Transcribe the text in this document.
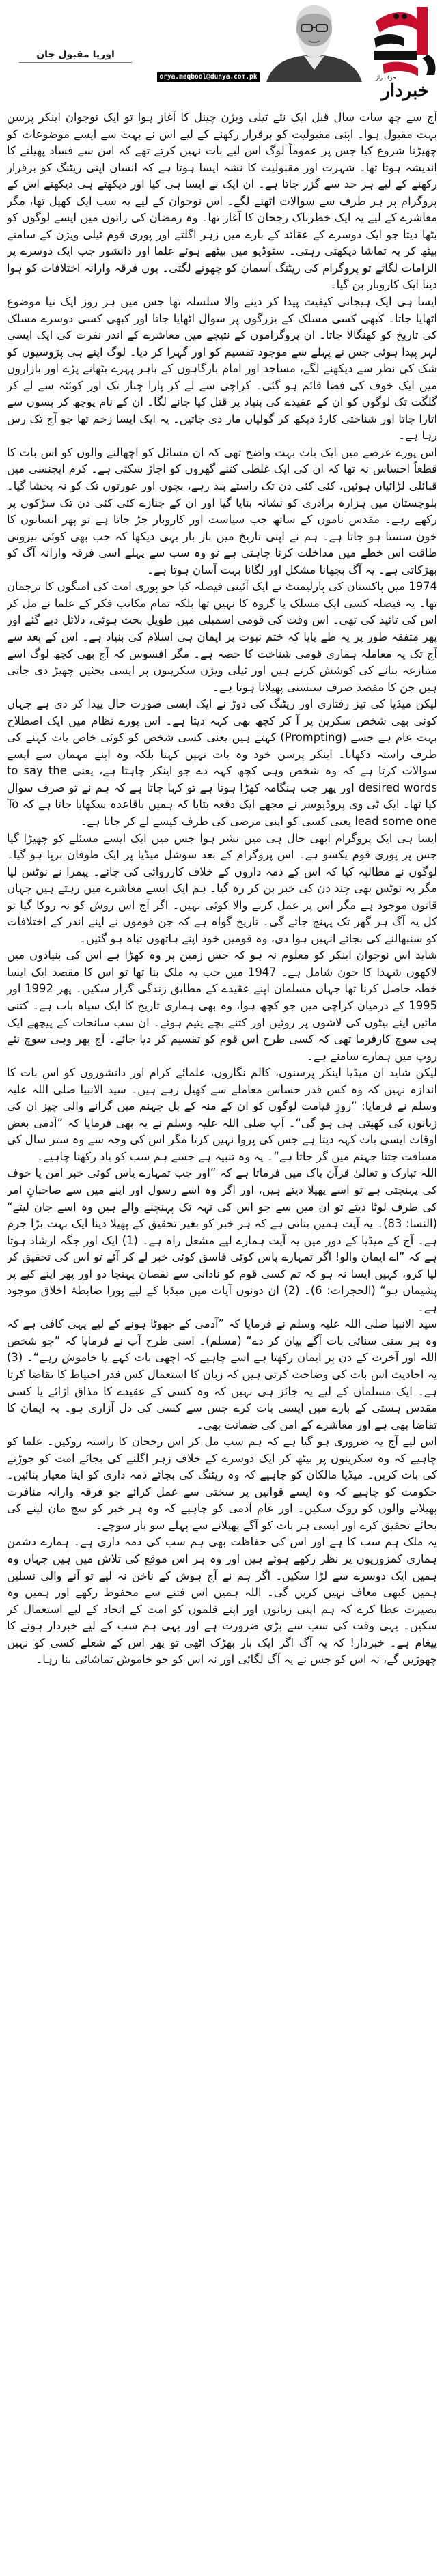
اوریا مقبول جان
orya.maqbool@dunya.com.pk	حرف راز
خبردار

آج سے چھ سات سال قبل ایک نئے ٹیلی ویژن چینل کا آغاز ہوا تو ایک نوجوان اینکر پرسن بہت مقبول ہوا۔ اپنی مقبولیت کو برقرار رکھنے کے لیے اس نے بہت سے ایسے موضوعات کو چھیڑنا شروع کیا جس پر عموماً لوگ اس لیے بات نہیں کرتے تھے کہ اس سے فساد پھیلنے کا اندیشہ ہوتا تھا۔ شہرت اور مقبولیت کا نشہ ایسا ہوتا ہے کہ انسان اپنی ریٹنگ کو برقرار رکھنے کے لیے ہر حد سے گزر جاتا ہے۔ ان ایک نے ایسا ہی کیا اور دیکھتے ہی دیکھتے اس کے پروگرام پر ہر طرف سے سوالات اٹھنے لگے۔ اس نوجوان کے لیے یہ سب ایک کھیل تھا، مگر معاشرے کے لیے یہ ایک خطرناک رجحان کا آغاز تھا۔ وہ رمضان کی راتوں میں ایسے لوگوں کو بٹھا دیتا جو ایک دوسرے کے عقائد کے بارے میں زہر اگلتے اور پوری قوم ٹیلی ویژن کے سامنے بیٹھ کر یہ تماشا دیکھتی رہتی۔ سٹوڈیو میں بیٹھے ہوئے علما اور دانشور جب ایک دوسرے پر الزامات لگاتے تو پروگرام کی ریٹنگ آسمان کو چھونے لگتی۔ یوں فرقہ وارانہ اختلافات کو ہوا دینا ایک کاروبار بن گیا۔

ایسا ہی ایک ہیجانی کیفیت پیدا کر دینے والا سلسلہ تھا جس میں ہر روز ایک نیا موضوع اٹھایا جاتا۔ کبھی کسی مسلک کے بزرگوں پر سوال اٹھایا جاتا اور کبھی کسی دوسرے مسلک کی تاریخ کو کھنگالا جاتا۔ ان پروگراموں کے نتیجے میں معاشرے کے اندر نفرت کی ایک ایسی لہر پیدا ہوئی جس نے پہلے سے موجود تقسیم کو اور گہرا کر دیا۔ لوگ اپنے ہی پڑوسیوں کو شک کی نظر سے دیکھنے لگے، مساجد اور امام بارگاہوں کے باہر پہرے بٹھانے پڑے اور بازاروں میں ایک خوف کی فضا قائم ہو گئی۔ کراچی سے لے کر پارا چنار تک اور کوئٹہ سے لے کر گلگت تک لوگوں کو ان کے عقیدے کی بنیاد پر قتل کیا جانے لگا۔ ان کے نام پوچھ کر بسوں سے اتارا جاتا اور شناختی کارڈ دیکھ کر گولیاں مار دی جاتیں۔ یہ ایک ایسا زخم تھا جو آج تک رس رہا ہے۔

اس پورے عرصے میں ایک بات بہت واضح تھی کہ ان مسائل کو اچھالنے والوں کو اس بات کا قطعاً احساس نہ تھا کہ ان کی ایک غلطی کتنے گھروں کو اجاڑ سکتی ہے۔ کرم ایجنسی میں قبائلی لڑائیاں ہوئیں، کئی کئی دن تک راستے بند رہے، بچوں اور عورتوں تک کو نہ بخشا گیا۔ بلوچستان میں ہزارہ برادری کو نشانہ بنایا گیا اور ان کے جنازے کئی کئی دن تک سڑکوں پر رکھے رہے۔ مقدس ناموں کے ساتھ جب سیاست اور کاروبار جڑ جاتا ہے تو پھر انسانوں کا خون سستا ہو جاتا ہے۔ ہم نے اپنی تاریخ میں بار بار یہی دیکھا کہ جب بھی کوئی بیرونی طاقت اس خطے میں مداخلت کرنا چاہتی ہے تو وہ سب سے پہلے اسی فرقہ وارانہ آگ کو بھڑکاتی ہے۔ یہ آگ بجھانا مشکل اور لگانا بہت آسان ہوتا ہے۔

1974 میں پاکستان کی پارلیمنٹ نے ایک آئینی فیصلہ کیا جو پوری امت کی امنگوں کا ترجمان تھا۔ یہ فیصلہ کسی ایک مسلک یا گروہ کا نہیں تھا بلکہ تمام مکاتب فکر کے علما نے مل کر اس کی تائید کی تھی۔ اس وقت کی قومی اسمبلی میں طویل بحث ہوئی، دلائل دیے گئے اور پھر متفقہ طور پر یہ طے پایا کہ ختم نبوت پر ایمان ہی اسلام کی بنیاد ہے۔ اس کے بعد سے آج تک یہ معاملہ ہماری قومی شناخت کا حصہ ہے۔ مگر افسوس کہ آج بھی کچھ لوگ اسے متنازعہ بنانے کی کوشش کرتے ہیں اور ٹیلی ویژن سکرینوں پر ایسی بحثیں چھیڑ دی جاتی ہیں جن کا مقصد صرف سنسنی پھیلانا ہوتا ہے۔

لیکن میڈیا کی تیز رفتاری اور ریٹنگ کی دوڑ نے ایک ایسی صورت حال پیدا کر دی ہے جہاں کوئی بھی شخص سکرین پر آ کر کچھ بھی کہہ دیتا ہے۔ اس پورے نظام میں ایک اصطلاح بہت عام ہے جسے (Prompting) کہتے ہیں یعنی کسی شخص کو کوئی خاص بات کہنے کی طرف راستہ دکھانا۔ اینکر پرسن خود وہ بات نہیں کہتا بلکہ وہ اپنے مہمان سے ایسے سوالات کرتا ہے کہ وہ شخص وہی کچھ کہہ دے جو اینکر چاہتا ہے، یعنی to say the desired words اور پھر جب ہنگامہ کھڑا ہوتا ہے تو کہا جاتا ہے کہ ہم نے تو صرف سوال کیا تھا۔ ایک ٹی وی پروڈیوسر نے مجھے ایک دفعہ بتایا کہ ہمیں باقاعدہ سکھایا جاتا ہے کہ To lead some one یعنی کسی کو اپنی مرضی کی طرف کیسے لے کر جانا ہے۔

ایسا ہی ایک پروگرام ابھی حال ہی میں نشر ہوا جس میں ایک ایسے مسئلے کو چھیڑا گیا جس پر پوری قوم یکسو ہے۔ اس پروگرام کے بعد سوشل میڈیا پر ایک طوفان برپا ہو گیا۔ لوگوں نے مطالبہ کیا کہ اس کے ذمہ داروں کے خلاف کارروائی کی جائے۔ پیمرا نے نوٹس لیا مگر یہ نوٹس بھی چند دن کی خبر بن کر رہ گیا۔ ہم ایک ایسے معاشرے میں رہتے ہیں جہاں قانون موجود ہے مگر اس پر عمل کرنے والا کوئی نہیں۔ اگر آج اس روش کو نہ روکا گیا تو کل یہ آگ ہر گھر تک پہنچ جائے گی۔ تاریخ گواہ ہے کہ جن قوموں نے اپنے اندر کے اختلافات کو سنبھالنے کی بجائے انہیں ہوا دی، وہ قومیں خود اپنے ہاتھوں تباہ ہو گئیں۔

شاید اس نوجوان اینکر کو معلوم نہ ہو کہ جس زمین پر وہ کھڑا ہے اس کی بنیادوں میں لاکھوں شہدا کا خون شامل ہے۔ 1947 میں جب یہ ملک بنا تھا تو اس کا مقصد ایک ایسا خطہ حاصل کرنا تھا جہاں مسلمان اپنے عقیدے کے مطابق زندگی گزار سکیں۔ پھر 1992 اور 1995 کے درمیان کراچی میں جو کچھ ہوا، وہ بھی ہماری تاریخ کا ایک سیاہ باب ہے۔ کتنی مائیں اپنے بیٹوں کی لاشوں پر روئیں اور کتنے بچے یتیم ہوئے۔ ان سب سانحات کے پیچھے ایک ہی سوچ کارفرما تھی کہ کسی طرح اس قوم کو تقسیم کر دیا جائے۔ آج پھر وہی سوچ نئے روپ میں ہمارے سامنے ہے۔

لیکن شاید ان میڈیا اینکر پرسنوں، کالم نگاروں، علمائے کرام اور دانشوروں کو اس بات کا اندازہ نہیں کہ وہ کس قدر حساس معاملے سے کھیل رہے ہیں۔ سید الانبیا صلی اللہ علیہ وسلم نے فرمایا: ”روزِ قیامت لوگوں کو ان کے منہ کے بل جہنم میں گرانے والی چیز ان کی زبانوں کی کھیتی ہی ہو گی“۔ آپ صلی اللہ علیہ وسلم نے یہ بھی فرمایا کہ ”آدمی بعض اوقات ایسی بات کہہ دیتا ہے جس کی پروا نہیں کرتا مگر اس کی وجہ سے وہ ستر سال کی مسافت جتنا جہنم میں گر جاتا ہے“۔ یہ وہ تنبیہ ہے جسے ہم سب کو یاد رکھنا چاہیے۔

اللہ تبارک و تعالیٰ قرآن پاک میں فرماتا ہے کہ ”اور جب تمہارے پاس کوئی خبر امن یا خوف کی پہنچتی ہے تو اسے پھیلا دیتے ہیں، اور اگر وہ اسے رسول اور اپنے میں سے صاحبانِ امر کی طرف لوٹا دیتے تو ان میں سے جو اس کی تہہ تک پہنچنے والے ہیں وہ اسے جان لیتے“ (النسا: 83)۔ یہ آیت ہمیں بتاتی ہے کہ ہر خبر کو بغیر تحقیق کے پھیلا دینا ایک بہت بڑا جرم ہے۔ آج کے میڈیا کے دور میں یہ آیت ہمارے لیے مشعل راہ ہے۔ (1) ایک اور جگہ ارشاد ہوتا ہے کہ ”اے ایمان والو! اگر تمہارے پاس کوئی فاسق کوئی خبر لے کر آئے تو اس کی تحقیق کر لیا کرو، کہیں ایسا نہ ہو کہ تم کسی قوم کو نادانی سے نقصان پہنچا دو اور پھر اپنے کیے پر پشیمان ہو“ (الحجرات: 6)۔ (2) ان دونوں آیات میں میڈیا کے لیے پورا ضابطۂ اخلاق موجود ہے۔

سید الانبیا صلی اللہ علیہ وسلم نے فرمایا کہ ”آدمی کے جھوٹا ہونے کے لیے یہی کافی ہے کہ وہ ہر سنی سنائی بات آگے بیان کر دے“ (مسلم)۔ اسی طرح آپ نے فرمایا کہ ”جو شخص اللہ اور آخرت کے دن پر ایمان رکھتا ہے اسے چاہیے کہ اچھی بات کہے یا خاموش رہے“۔ (3) یہ احادیث اس بات کی وضاحت کرتی ہیں کہ زبان کا استعمال کس قدر احتیاط کا تقاضا کرتا ہے۔ ایک مسلمان کے لیے یہ جائز ہی نہیں کہ وہ کسی کے عقیدے کا مذاق اڑائے یا کسی مقدس ہستی کے بارے میں ایسی بات کرے جس سے کسی کی دل آزاری ہو۔ یہ ایمان کا تقاضا بھی ہے اور معاشرے کے امن کی ضمانت بھی۔

اس لیے آج یہ ضروری ہو گیا ہے کہ ہم سب مل کر اس رجحان کا راستہ روکیں۔ علما کو چاہیے کہ وہ سکرینوں پر بیٹھ کر ایک دوسرے کے خلاف زہر اگلنے کی بجائے امت کو جوڑنے کی بات کریں۔ میڈیا مالکان کو چاہیے کہ وہ ریٹنگ کی بجائے ذمہ داری کو اپنا معیار بنائیں۔ حکومت کو چاہیے کہ وہ ایسے قوانین پر سختی سے عمل کرائے جو فرقہ وارانہ منافرت پھیلانے والوں کو روک سکیں۔ اور عام آدمی کو چاہیے کہ وہ ہر خبر کو سچ مان لینے کی بجائے تحقیق کرے اور ایسی ہر بات کو آگے پھیلانے سے پہلے سو بار سوچے۔

یہ ملک ہم سب کا ہے اور اس کی حفاظت بھی ہم سب کی ذمہ داری ہے۔ ہمارے دشمن ہماری کمزوریوں پر نظر رکھے ہوئے ہیں اور وہ ہر اس موقع کی تلاش میں ہیں جہاں وہ ہمیں ایک دوسرے سے لڑا سکیں۔ اگر ہم نے آج ہوش کے ناخن نہ لیے تو آنے والی نسلیں ہمیں کبھی معاف نہیں کریں گی۔ اللہ ہمیں اس فتنے سے محفوظ رکھے اور ہمیں وہ بصیرت عطا کرے کہ ہم اپنی زبانوں اور اپنے قلموں کو امت کے اتحاد کے لیے استعمال کر سکیں۔ یہی وقت کی سب سے بڑی ضرورت ہے اور یہی ہم سب کے لیے خبردار ہونے کا پیغام ہے۔ خبردار! کہ یہ آگ اگر ایک بار بھڑک اٹھی تو پھر اس کے شعلے کسی کو نہیں چھوڑیں گے، نہ اس کو جس نے یہ آگ لگائی اور نہ اس کو جو خاموش تماشائی بنا رہا۔
